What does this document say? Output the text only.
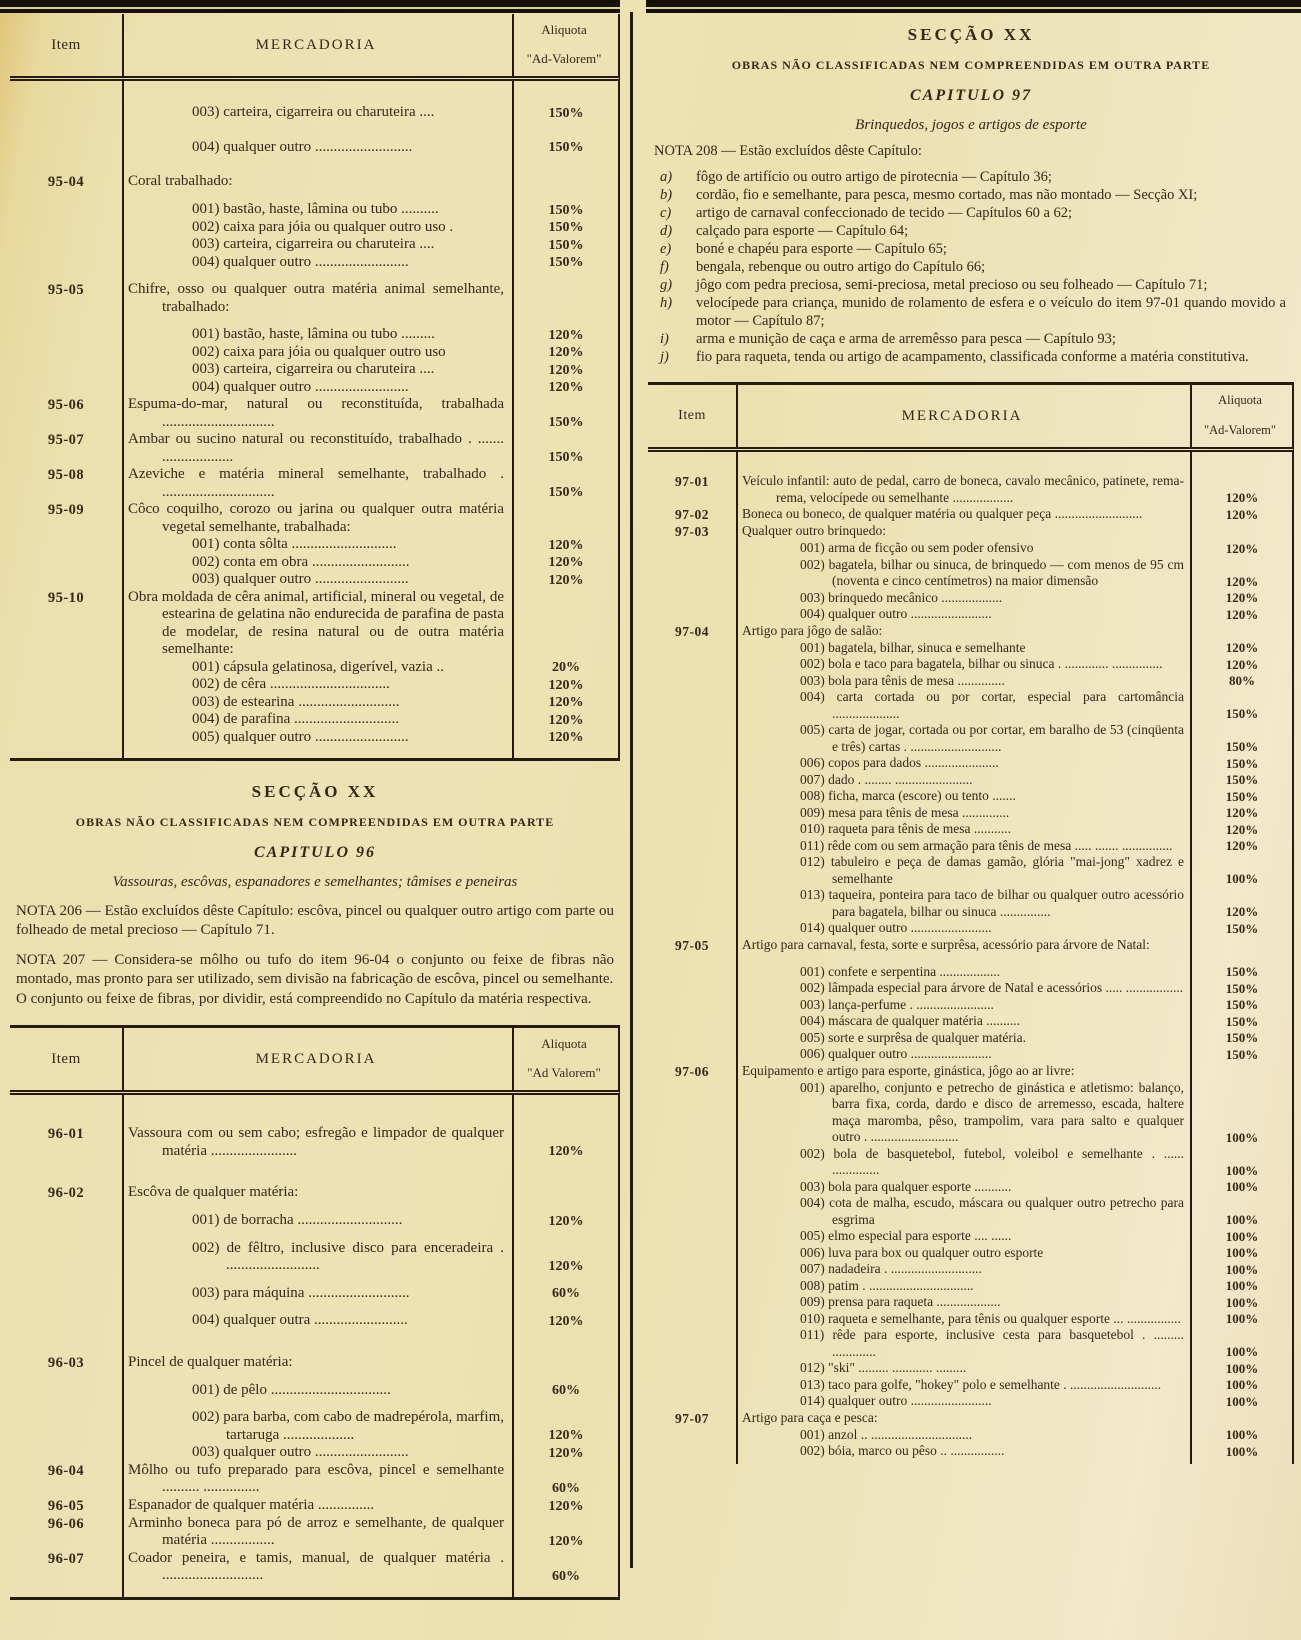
Item	MERCADORIA
Aliquota
"Ad-Valorem"
003) carteira, cigarreira ou charuteira ....	150%
004) qualquer outro ..........................	150%
95-04	Coral trabalhado:
001) bastão, haste, lâmina ou tubo ..........	150%
002) caixa para jóia ou qualquer outro uso .	150%
003) carteira, cigarreira ou charuteira ....	150%
004) qualquer outro .........................	150%
95-05	Chifre, osso ou qualquer outra matéria animal semelhante, trabalhado:
001) bastão, haste, lâmina ou tubo .........	120%
002) caixa para jóia ou qualquer outro uso	120%
003) carteira, cigarreira ou charuteira ....	120%
004) qualquer outro .........................	120%
95-06	Espuma-do-mar, natural ou reconstituída, trabalhada ..............................	150%
95-07	Ambar ou sucino natural ou reconstituído, trabalhado . ....... ...................	150%
95-08	Azeviche e matéria mineral semelhante, trabalhado . ..............................	150%
95-09	Côco coquilho, corozo ou jarina ou qualquer outra matéria vegetal semelhante, trabalhada:
001) conta sôlta ............................	120%
002) conta em obra ..........................	120%
003) qualquer outro .........................	120%
95-10	Obra moldada de cêra animal, artificial, mineral ou vegetal, de estearina de gelatina não endurecida de parafina de pasta de modelar, de resina natural ou de outra matéria semelhante:
001) cápsula gelatinosa, digerível, vazia ..	20%
002) de cêra ................................	120%
003) de estearina ...........................	120%
004) de parafina ............................	120%
005) qualquer outro .........................	120%
SECÇÃO XX
OBRAS NÃO CLASSIFICADAS NEM COMPREENDIDAS EM OUTRA PARTE
CAPITULO 96
Vassouras, escôvas, espanadores e semelhantes; tâmises e peneiras
NOTA 206 — Estão excluídos dêste Capítulo: escôva, pincel ou qualquer outro artigo com parte ou folheado de metal precioso — Capítulo 71.
NOTA 207 — Considera-se môlho ou tufo do item 96-04 o conjunto ou feixe de fibras não montado, mas pronto para ser utilizado, sem divisão na fabricação de escôva, pincel ou semelhante.
O conjunto ou feixe de fibras, por dividir, está compreendido no Capítulo da matéria respectiva.
Item	MERCADORIA
Aliquota
"Ad Valorem"
96-01	Vassoura com ou sem cabo; esfregão e limpador de qualquer matéria .......................	120%
96-02	Escôva de qualquer matéria:
001) de borracha ............................	120%
002) de fêltro, inclusive disco para enceradeira . .........................	120%
003) para máquina ...........................	60%
004) qualquer outra .........................	120%
96-03	Pincel de qualquer matéria:
001) de pêlo ................................	60%
002) para barba, com cabo de madrepérola, marfim, tartaruga ...................	120%
003) qualquer outro .........................	120%
96-04	Môlho ou tufo preparado para escôva, pincel e semelhante .......... ...............	60%
96-05	Espanador de qualquer matéria ...............	120%
96-06	Arminho boneca para pó de arroz e semelhante, de qualquer matéria .................	120%
96-07	Coador peneira, e tamis, manual, de qualquer matéria . ...........................	60%
SECÇÃO XX
OBRAS NÃO CLASSIFICADAS NEM COMPREENDIDAS EM OUTRA PARTE
CAPITULO 97
Brinquedos, jogos e artigos de esporte
NOTA 208 — Estão excluídos dêste Capítulo:
a)	fôgo de artifício ou outro artigo de pirotecnia — Capítulo 36;
b)	cordão, fio e semelhante, para pesca, mesmo cortado, mas não montado — Secção XI;
c)	artigo de carnaval confeccionado de tecido — Capítulos 60 a 62;
d)	calçado para esporte — Capítulo 64;
e)	boné e chapéu para esporte — Capítulo 65;
f)	bengala, rebenque ou outro artigo do Capítulo 66;
g)	jôgo com pedra preciosa, semi-preciosa, metal precioso ou seu folheado — Capítulo 71;
h)	velocípede para criança, munido de rolamento de esfera e o veículo do item 97-01 quando movido a motor — Capítulo 87;
i)	arma e munição de caça e arma de arremêsso para pesca — Capítulo 93;
j)	fio para raqueta, tenda ou artigo de acampamento, classificada conforme a matéria constitutiva.
Item	MERCADORIA
Aliquota
"Ad-Valorem"
97-01	Veículo infantil: auto de pedal, carro de boneca, cavalo mecânico, patinete, rema-rema, velocípede ou semelhante ..................	120%
97-02	Boneca ou boneco, de qualquer matéria ou qualquer peça ..........................	120%
97-03	Qualquer outro brinquedo:
001) arma de ficção ou sem poder ofensivo	120%
002) bagatela, bilhar ou sinuca, de brinquedo — com menos de 95 cm (noventa e cinco centímetros) na maior dimensão	120%
003) brinquedo mecânico ..................	120%
004) qualquer outro ........................	120%
97-04	Artigo para jôgo de salão:
001) bagatela, bilhar, sinuca e semelhante	120%
002) bola e taco para bagatela, bilhar ou sinuca . ............. ...............	120%
003) bola para tênis de mesa ..............	80%
004) carta cortada ou por cortar, especial para cartomância ....................	150%
005) carta de jogar, cortada ou por cortar, em baralho de 53 (cinqüenta e três) cartas . ...........................	150%
006) copos para dados ......................	150%
007) dado . ........ .......................	150%
008) ficha, marca (escore) ou tento .......	150%
009) mesa para tênis de mesa ..............	120%
010) raqueta para tênis de mesa ...........	120%
011) rêde com ou sem armação para tênis de mesa ..... ....... ...............	120%
012) tabuleiro e peça de damas gamão, glória "mai-jong" xadrez e semelhante	100%
013) taqueira, ponteira para taco de bilhar ou qualquer outro acessório para bagatela, bilhar ou sinuca ...............	120%
014) qualquer outro ........................	150%
97-05	Artigo para carnaval, festa, sorte e surprêsa, acessório para árvore de Natal:
001) confete e serpentina ..................	150%
002) lâmpada especial para árvore de Natal e acessórios ..... .................	150%
003) lança-perfume . .......................	150%
004) máscara de qualquer matéria ..........	150%
005) sorte e surprêsa de qualquer matéria.	150%
006) qualquer outro ........................	150%
97-06	Equipamento e artigo para esporte, ginástica, jôgo ao ar livre:
001) aparelho, conjunto e petrecho de ginástica e atletismo: balanço, barra fixa, corda, dardo e disco de arremesso, escada, haltere maça maromba, pêso, trampolim, vara para salto e qualquer outro . ..........................	100%
002) bola de basquetebol, futebol, voleibol e semelhante . ...... ..............	100%
003) bola para qualquer esporte ...........	100%
004) cota de malha, escudo, máscara ou qualquer outro petrecho para esgrima	100%
005) elmo especial para esporte .... ......	100%
006) luva para box ou qualquer outro esporte	100%
007) nadadeira . ...........................	100%
008) patim . ...............................	100%
009) prensa para raqueta ...................	100%
010) raqueta e semelhante, para tênis ou qualquer esporte ... ................	100%
011) rêde para esporte, inclusive cesta para basquetebol . ......... .............	100%
012) "ski" ......... ............ .........	100%
013) taco para golfe, "hokey" polo e semelhante . ...........................	100%
014) qualquer outro ........................	100%
97-07	Artigo para caça e pesca:
001) anzol .. ..............................	100%
002) bóia, marco ou pêso .. ................	100%
